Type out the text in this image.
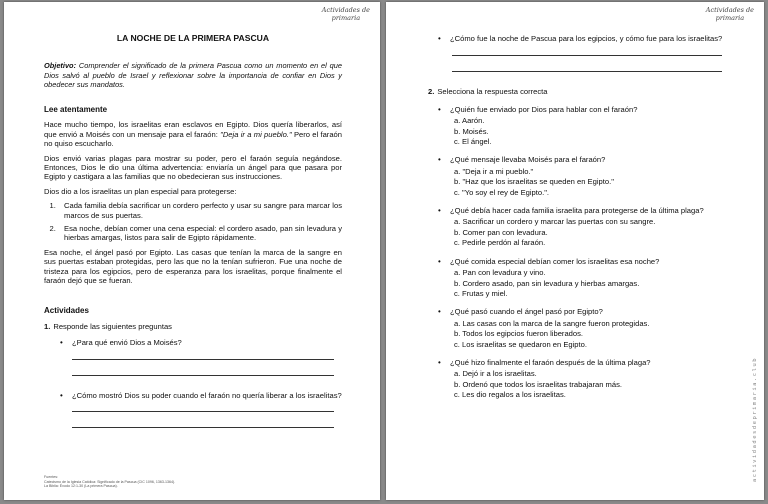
Actividades de
primaria
LA NOCHE DE LA PRIMERA PASCUA
Objetivo: Comprender el significado de la primera Pascua como un momento en el que Dios salvó al pueblo de Israel y reflexionar sobre la importancia de confiar en Dios y obedecer sus mandatos.
Lee atentamente

Hace mucho tiempo, los israelitas eran esclavos en Egipto. Dios quería liberarlos, así que envió a Moisés con un mensaje para el faraón: "Deja ir a mi pueblo." Pero el faraón no quiso escucharlo.

Dios envió varias plagas para mostrar su poder, pero el faraón seguía negándose. Entonces, Dios le dio una última advertencia: enviaría un ángel para que pasara por Egipto y castigara a las familias que no obedecieran sus instrucciones.

Dios dio a los israelitas un plan especial para protegerse:

1. Cada familia debía sacrificar un cordero perfecto y usar su sangre para marcar los marcos de sus puertas.
2. Esa noche, debían comer una cena especial: el cordero asado, pan sin levadura y hierbas amargas, listos para salir de Egipto rápidamente.

Esa noche, el ángel pasó por Egipto. Las casas que tenían la marca de la sangre en sus puertas estaban protegidas, pero las que no la tenían sufrieron. Fue una noche de tristeza para los egipcios, pero de esperanza para los israelitas, porque finalmente el faraón dejó que se fueran.

Actividades
1. Responde las siguientes preguntas
•	¿Para qué envió Dios a Moisés?
•	¿Cómo mostró Dios su poder cuando el faraón no quería liberar a los israelitas?
Fuentes:
Catecismo de la Iglesia Católica: Significado de la Pascua (CIC 1096, 1363-1364).
La Biblia: Éxodo 12:1-30 (La primera Pascua).
Actividades de
primaria
actividadesdeprimaria.club
•	¿Cómo fue la noche de Pascua para los egipcios, y cómo fue para los israelitas?
2. Selecciona la respuesta correcta
•	¿Quién fue enviado por Dios para hablar con el faraón?
a. Aarón.
b. Moisés.
c. El ángel.
•	¿Qué mensaje llevaba Moisés para el faraón?
a. "Deja ir a mi pueblo."
b. "Haz que los israelitas se queden en Egipto."
c. "Yo soy el rey de Egipto.".
•	¿Qué debía hacer cada familia israelita para protegerse de la última plaga?
a. Sacrificar un cordero y marcar las puertas con su sangre.
b. Comer pan con levadura.
c. Pedirle perdón al faraón.
•	¿Qué comida especial debían comer los israelitas esa noche?
a. Pan con levadura y vino.
b. Cordero asado, pan sin levadura y hierbas amargas.
c. Frutas y miel.
•	¿Qué pasó cuando el ángel pasó por Egipto?
a. Las casas con la marca de la sangre fueron protegidas.
b. Todos los egipcios fueron liberados.
c. Los israelitas se quedaron en Egipto.
•	¿Qué hizo finalmente el faraón después de la última plaga?
a. Dejó ir a los israelitas.
b. Ordenó que todos los israelitas trabajaran más.
c. Les dio regalos a los israelitas.
